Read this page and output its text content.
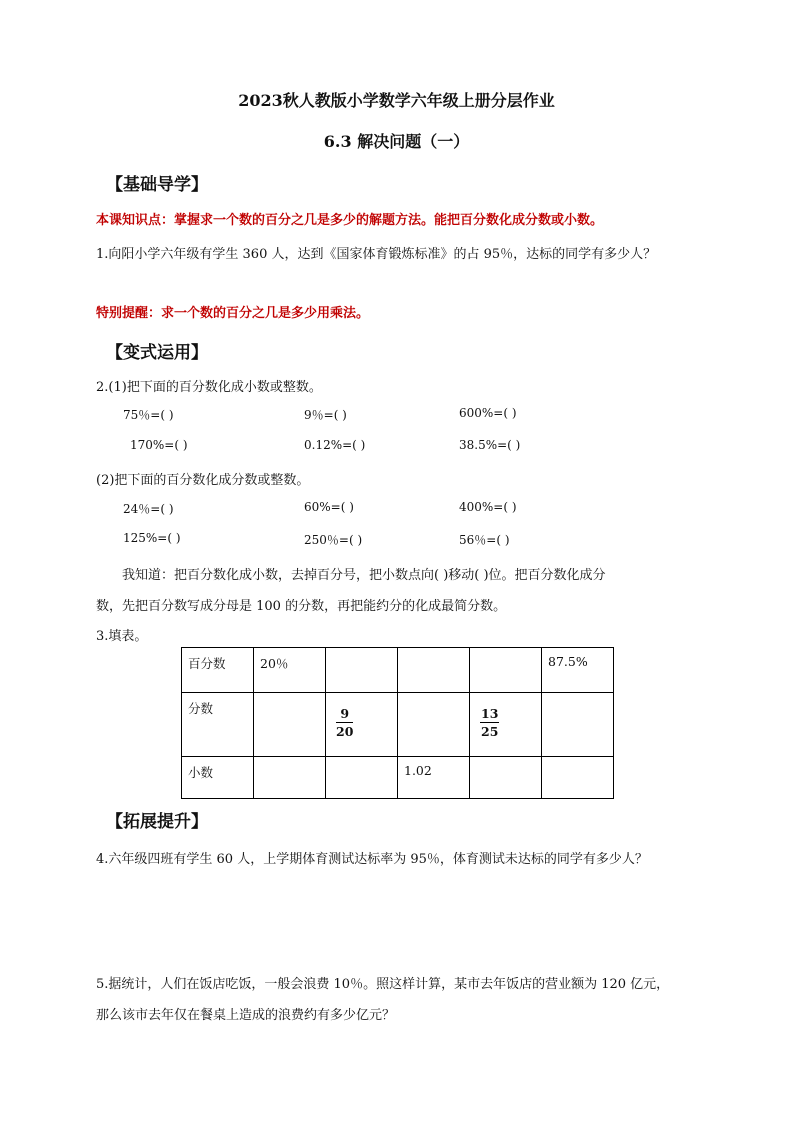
2023秋人教版小学数学六年级上册分层作业
6.3 解决问题（一）
【基础导学】
本课知识点：掌握求一个数的百分之几是多少的解题方法。能把百分数化成分数或小数。
1.向阳小学六年级有学生 360 人，达到《国家体育锻炼标准》的占 95％，达标的同学有多少人？
特别提醒：求一个数的百分之几是多少用乘法。
【变式运用】
2.(1)把下面的百分数化成小数或整数。
75％=( )	9％=( )	600%=( )
170%=( )	0.12%=( )	38.5%=( )
(2)把下面的百分数化成分数或整数。
24％=( )	60%=( )	400%=( )
125%=( )	250％=( )	56％=( )
我知道：把百分数化成小数，去掉百分号，把小数点向( )移动( )位。把百分数化成分
数，先把百分数写成分母是 100 的分数，再把能约分的化成最简分数。
3.填表。
百分数	20％				87.5%
分数		$\frac{9}{20}$		$\frac{13}{25}$

小数			1.02		
【拓展提升】
4.六年级四班有学生 60 人，上学期体育测试达标率为 95％，体育测试未达标的同学有多少人？
5.据统计，人们在饭店吃饭，一般会浪费 10％。照这样计算，某市去年饭店的营业额为 120 亿元，
那么该市去年仅在餐桌上造成的浪费约有多少亿元？
